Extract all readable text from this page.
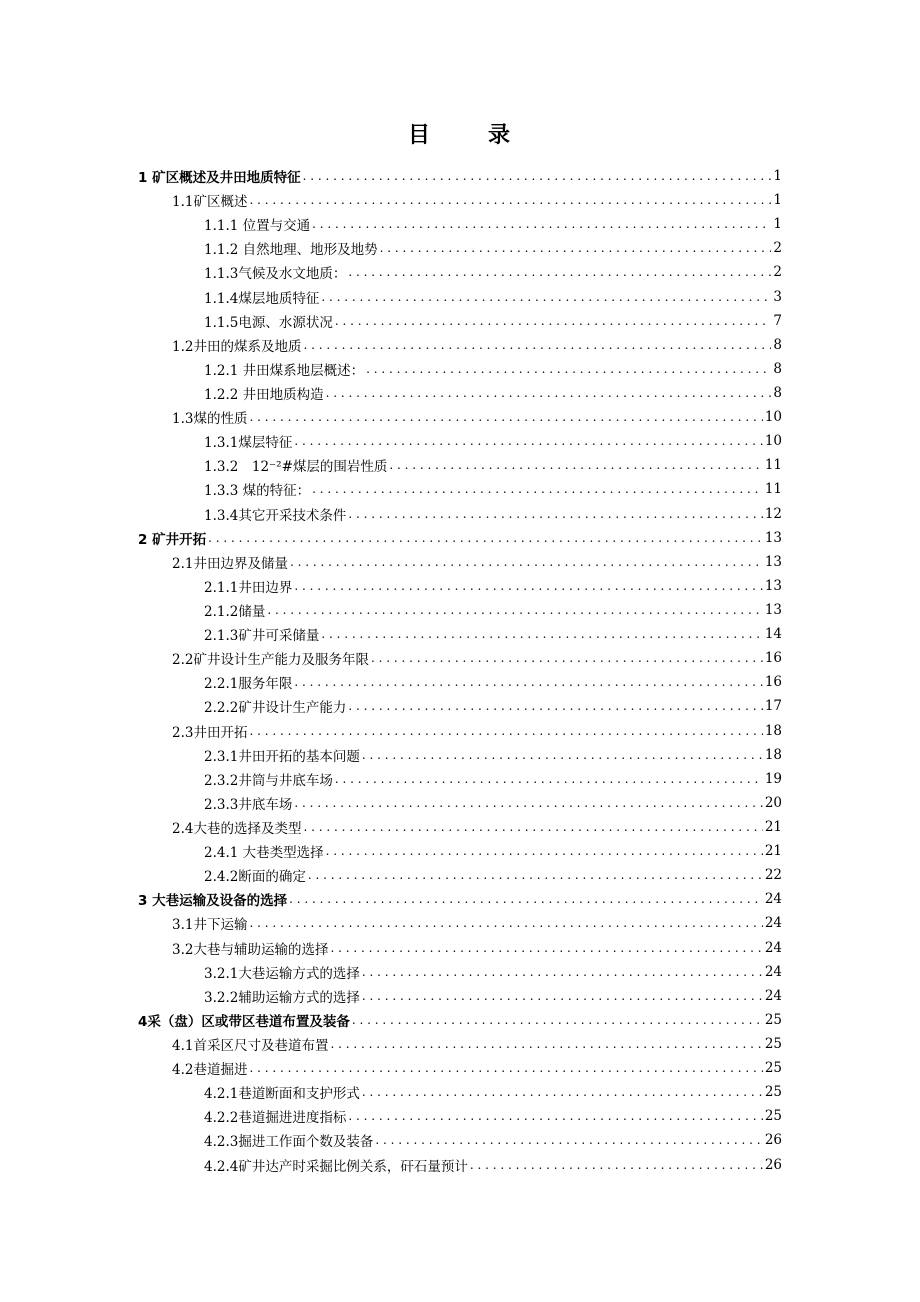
目	录
1 矿区概述及井田地质特征 . . .	1
1.1矿区概述 . . .	1
1.1.1 位置与交通 . . .	1
1.1.2 自然地理、地形及地势 . . .	2
1.1.3气候及水文地质： . . .	2
1.1.4煤层地质特征 . . .	3
1.1.5电源、水源状况 . . .	7
1.2井田的煤系及地质 . . .	8
1.2.1 井田煤系地层概述： . . .	8
1.2.2 井田地质构造 . . .	8
1.3煤的性质 . . .	10
1.3.1煤层特征 . . .	10
1.3.2　12⁻²#煤层的围岩性质 . . .	11
1.3.3 煤的特征： . . .	11
1.3.4其它开采技术条件 . . .	12
2 矿井开拓 . . .	13
2.1井田边界及储量 . . .	13
2.1.1井田边界 . . .	13
2.1.2储量 . . .	13
2.1.3矿井可采储量 . . .	14
2.2矿井设计生产能力及服务年限 . . .	16
2.2.1服务年限 . . .	16
2.2.2矿井设计生产能力 . . .	17
2.3井田开拓 . . .	18
2.3.1井田开拓的基本问题 . . .	18
2.3.2井筒与井底车场 . . .	19
2.3.3井底车场 . . .	20
2.4大巷的选择及类型 . . .	21
2.4.1 大巷类型选择 . . .	21
2.4.2断面的确定 . . .	22
3 大巷运输及设备的选择 . . .	24
3.1井下运输 . . .	24
3.2大巷与辅助运输的选择 . . .	24
3.2.1大巷运输方式的选择 . . .	24
3.2.2辅助运输方式的选择 . . .	24
4采（盘）区或带区巷道布置及装备 . . .	25
4.1首采区尺寸及巷道布置 . . .	25
4.2巷道掘进 . . .	25
4.2.1巷道断面和支护形式 . . .	25
4.2.2巷道掘进进度指标 . . .	25
4.2.3掘进工作面个数及装备 . . .	26
4.2.4矿井达产时采掘比例关系，矸石量预计 . . .	26
